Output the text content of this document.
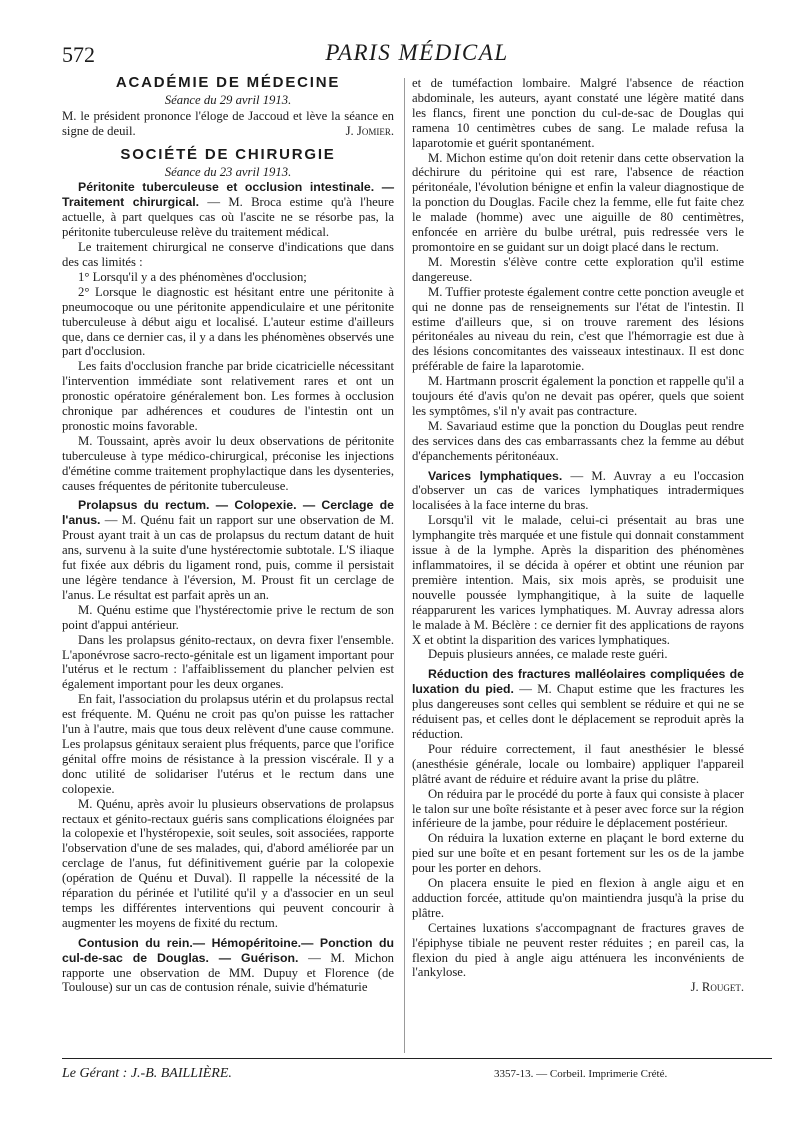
572	PARIS MÉDICAL
ACADÉMIE DE MÉDECINE
Séance du 29 avril 1913.

M. le président prononce l'éloge de Jaccoud et lève la séance en signe de deuil.	J. Jomier.

SOCIÉTÉ DE CHIRURGIE
Séance du 23 avril 1913.

Péritonite tuberculeuse et occlusion intestinale. — Traitement chirurgical. — M. Broca estime qu'à l'heure actuelle, à part quelques cas où l'ascite ne se résorbe pas, la péritonite tuberculeuse relève du traitement médical.

Le traitement chirurgical ne conserve d'indications que dans des cas limités :

1° Lorsqu'il y a des phénomènes d'occlusion;

2° Lorsque le diagnostic est hésitant entre une péritonite à pneumocoque ou une péritonite appendiculaire et une péritonite tuberculeuse à début aigu et localisé. L'auteur estime d'ailleurs que, dans ce dernier cas, il y a dans les phénomènes observés une part d'occlusion.

Les faits d'occlusion franche par bride cicatricielle nécessitant l'intervention immédiate sont relativement rares et ont un pronostic opératoire généralement bon. Les formes à occlusion chronique par adhérences et coudures de l'intestin ont un pronostic moins favorable.

M. Toussaint, après avoir lu deux observations de péritonite tuberculeuse à type médico-chirurgical, préconise les injections d'émétine comme traitement prophylactique dans les dysenteries, causes fréquentes de péritonite tuberculeuse.

Prolapsus du rectum. — Colopexie. — Cerclage de l'anus. — M. Quénu fait un rapport sur une observation de M. Proust ayant trait à un cas de prolapsus du rectum datant de huit ans, survenu à la suite d'une hystérectomie subtotale. L'S iliaque fut fixée aux débris du ligament rond, puis, comme il persistait une légère tendance à l'éversion, M. Proust fit un cerclage de l'anus. Le résultat est parfait après un an.

M. Quénu estime que l'hystérectomie prive le rectum de son point d'appui antérieur.

Dans les prolapsus génito-rectaux, on devra fixer l'ensemble. L'aponévrose sacro-recto-génitale est un ligament important pour l'utérus et le rectum : l'affaiblissement du plancher pelvien est également important pour les deux organes.

En fait, l'association du prolapsus utérin et du prolapsus rectal est fréquente. M. Quénu ne croit pas qu'on puisse les rattacher l'un à l'autre, mais que tous deux relèvent d'une cause commune. Les prolapsus génitaux seraient plus fréquents, parce que l'orifice génital offre moins de résistance à la pression viscérale. Il y a donc utilité de solidariser l'utérus et le rectum dans une colopexie.

M. Quénu, après avoir lu plusieurs observations de prolapsus rectaux et génito-rectaux guéris sans complications éloignées par la colopexie et l'hystéropexie, soit seules, soit associées, rapporte l'observation d'une de ses malades, qui, d'abord améliorée par un cerclage de l'anus, fut définitivement guérie par la colopexie (opération de Quénu et Duval). Il rappelle la nécessité de la réparation du périnée et l'utilité qu'il y a d'associer en un seul temps les différentes interventions qui peuvent concourir à augmenter les moyens de fixité du rectum.

Contusion du rein.— Hémopéritoine.— Ponction du cul-de-sac de Douglas. — Guérison. — M. Michon rapporte une observation de MM. Dupuy et Florence (de Toulouse) sur un cas de contusion rénale, suivie d'hématurie

et de tuméfaction lombaire. Malgré l'absence de réaction abdominale, les auteurs, ayant constaté une légère matité dans les flancs, firent une ponction du cul-de-sac de Douglas qui ramena 10 centimètres cubes de sang. Le malade refusa la laparotomie et guérit spontanément.

M. Michon estime qu'on doit retenir dans cette observation la déchirure du péritoine qui est rare, l'absence de réaction péritonéale, l'évolution bénigne et enfin la valeur diagnostique de la ponction du Douglas. Facile chez la femme, elle fut faite chez le malade (homme) avec une aiguille de 80 centimètres, enfoncée en arrière du bulbe urétral, puis redressée vers le promontoire en se guidant sur un doigt placé dans le rectum.

M. Morestin s'élève contre cette exploration qu'il estime dangereuse.

M. Tuffier proteste également contre cette ponction aveugle et qui ne donne pas de renseignements sur l'état de l'intestin. Il estime d'ailleurs que, si on trouve rarement des lésions péritonéales au niveau du rein, c'est que l'hémorragie est due à des lésions concomitantes des vaisseaux intestinaux. Il est donc préférable de faire la laparotomie.

M. Hartmann proscrit également la ponction et rappelle qu'il a toujours été d'avis qu'on ne devait pas opérer, quels que soient les symptômes, s'il n'y avait pas contracture.

M. Savariaud estime que la ponction du Douglas peut rendre des services dans des cas embarrassants chez la femme au début d'épanchements péritonéaux.

Varices lymphatiques. — M. Auvray a eu l'occasion d'observer un cas de varices lymphatiques intradermiques localisées à la face interne du bras.

Lorsqu'il vit le malade, celui-ci présentait au bras une lymphangite très marquée et une fistule qui donnait constamment issue à de la lymphe. Après la disparition des phénomènes inflammatoires, il se décida à opérer et obtint une réunion par première intention. Mais, six mois après, se produisit une nouvelle poussée lymphangitique, à la suite de laquelle réapparurent les varices lymphatiques. M. Auvray adressa alors le malade à M. Béclère : ce dernier fit des applications de rayons X et obtint la disparition des varices lymphatiques.

Depuis plusieurs années, ce malade reste guéri.

Réduction des fractures malléolaires compliquées de luxation du pied. — M. Chaput estime que les fractures les plus dangereuses sont celles qui semblent se réduire et qui ne se réduisent pas, et celles dont le déplacement se reproduit après la réduction.

Pour réduire correctement, il faut anesthésier le blessé (anesthésie générale, locale ou lombaire) appliquer l'appareil plâtré avant de réduire et réduire avant la prise du plâtre.

On réduira par le procédé du porte à faux qui consiste à placer le talon sur une boîte résistante et à peser avec force sur la région inférieure de la jambe, pour réduire le déplacement postérieur.

On réduira la luxation externe en plaçant le bord externe du pied sur une boîte et en pesant fortement sur les os de la jambe pour les porter en dehors.

On placera ensuite le pied en flexion à angle aigu et en adduction forcée, attitude qu'on maintiendra jusqu'à la prise du plâtre.

Certaines luxations s'accompagnant de fractures graves de l'épiphyse tibiale ne peuvent rester réduites ; en pareil cas, la flexion du pied à angle aigu atténuera les inconvénients de l'ankylose.

J. Rouget.

Le Gérant : J.-B. BAILLIÈRE.	3357-13. — Corbeil. Imprimerie Crété.
